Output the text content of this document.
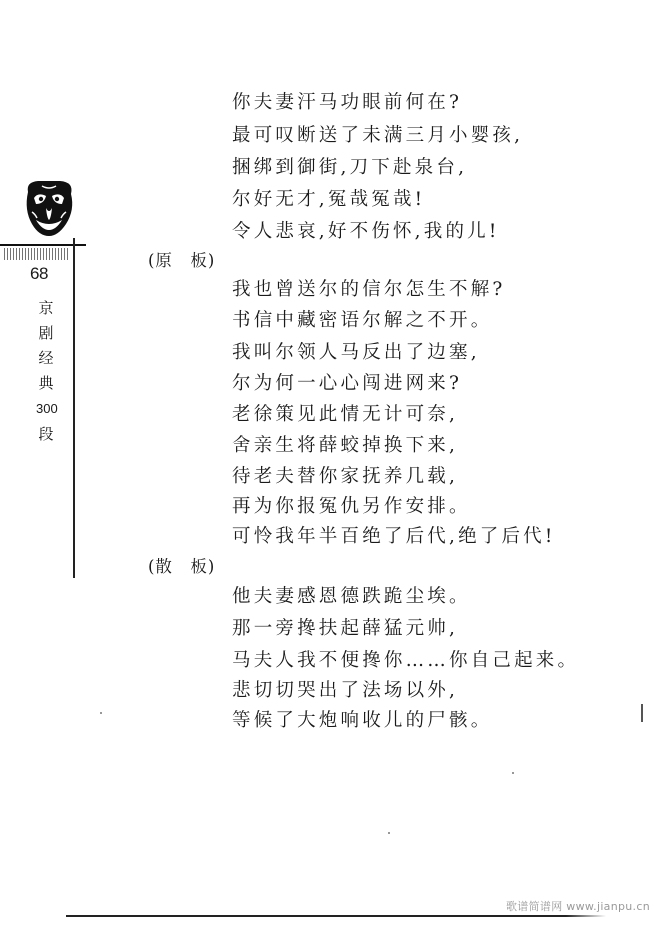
68
京
剧
经
典
300
段
你夫妻汗马功眼前何在?
最可叹断送了未满三月小婴孩,
捆绑到御街,刀下赴泉台,
尔好无才,冤哉冤哉!
令人悲哀,好不伤怀,我的儿!
(原　板)
我也曾送尔的信尔怎生不解?
书信中藏密语尔解之不开。
我叫尔领人马反出了边塞,
尔为何一心心闯进网来?
老徐策见此情无计可奈,
舍亲生将薛蛟掉换下来,
待老夫替你家抚养几载,
再为你报冤仇另作安排。
可怜我年半百绝了后代,绝了后代!
(散　板)
他夫妻感恩德跌跪尘埃。
那一旁搀扶起薛猛元帅,
马夫人我不便搀你……你自己起来。
悲切切哭出了法场以外,
等候了大炮响收儿的尸骸。
歌谱简谱网 www.jianpu.cn
